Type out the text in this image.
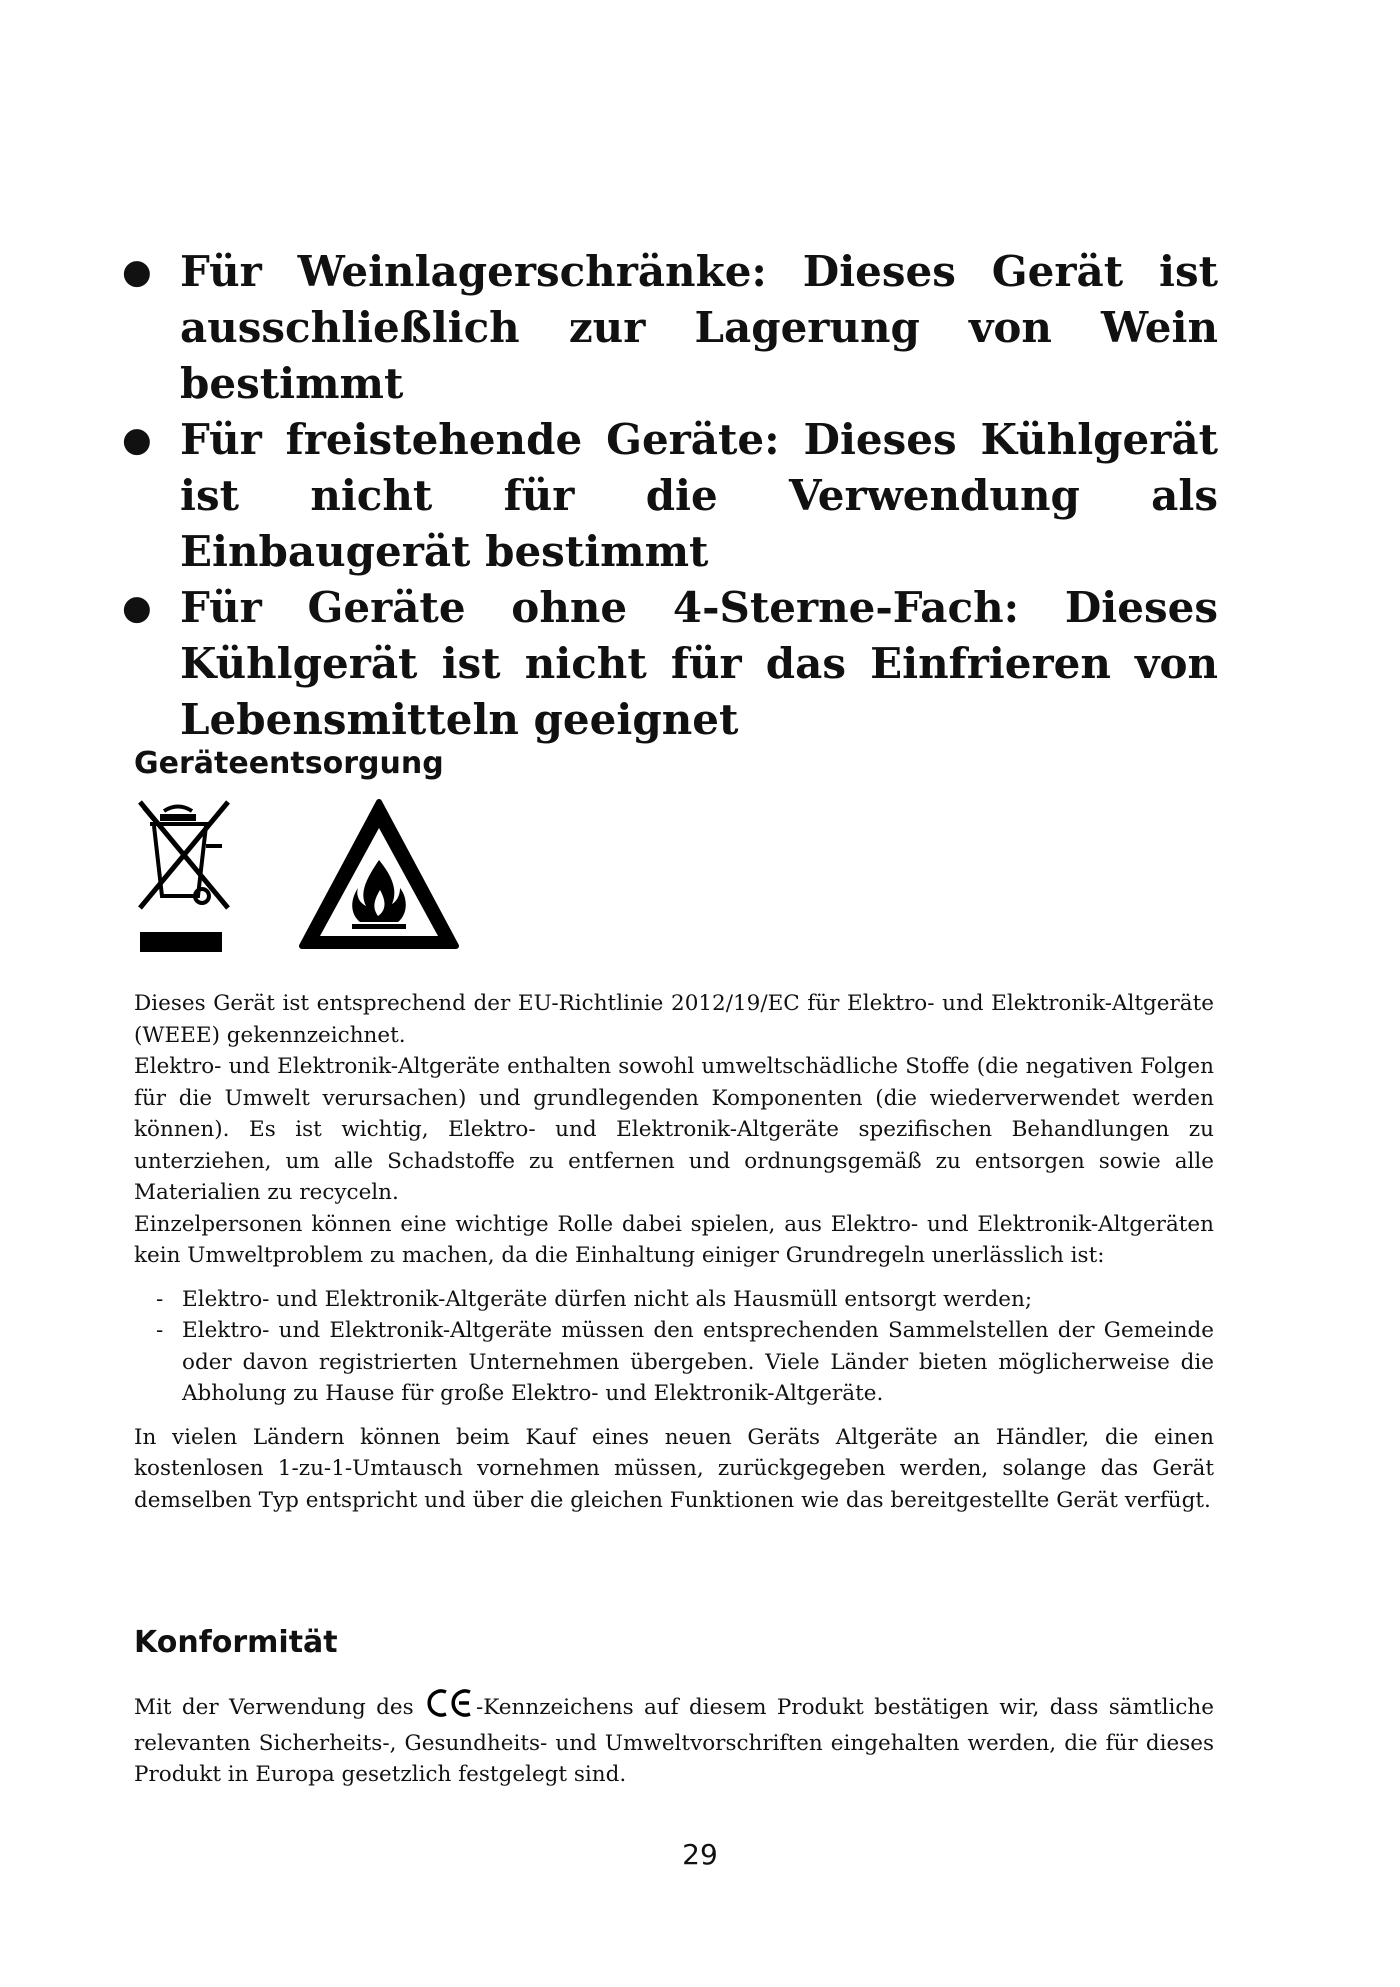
● Für Weinlagerschränke: Dieses Gerät ist ausschließlich zur Lagerung von Wein bestimmt
● Für freistehende Geräte: Dieses Kühlgerät ist nicht für die Verwendung als Einbaugerät bestimmt
● Für Geräte ohne 4-Sterne-Fach: Dieses Kühlgerät ist nicht für das Einfrieren von Lebensmitteln geeignet
Geräteentsorgung

Dieses Gerät ist entsprechend der EU-Richtlinie 2012/19/EC für Elektro- und Elektronik-Altgeräte (WEEE) gekennzeichnet.

Elektro- und Elektronik-Altgeräte enthalten sowohl umweltschädliche Stoffe (die negativen Folgen für die Umwelt verursachen) und grundlegenden Komponenten (die wiederverwendet werden können). Es ist wichtig, Elektro- und Elektronik-Altgeräte spezifischen Behandlungen zu unterziehen, um alle Schadstoffe zu entfernen und ordnungsgemäß zu entsorgen sowie alle Materialien zu recyceln.

Einzelpersonen können eine wichtige Rolle dabei spielen, aus Elektro- und Elektronik-Altgeräten kein Umweltproblem zu machen, da die Einhaltung einiger Grundregeln unerlässlich ist:

- Elektro- und Elektronik-Altgeräte dürfen nicht als Hausmüll entsorgt werden;
- Elektro- und Elektronik-Altgeräte müssen den entsprechenden Sammelstellen der Gemeinde oder davon registrierten Unternehmen übergeben. Viele Länder bieten möglicherweise die Abholung zu Hause für große Elektro- und Elektronik-Altgeräte.

In vielen Ländern können beim Kauf eines neuen Geräts Altgeräte an Händler, die einen kostenlosen 1-zu-1-Umtausch vornehmen müssen, zurückgegeben werden, solange das Gerät demselben Typ entspricht und über die gleichen Funktionen wie das bereitgestellte Gerät verfügt.

Konformität

Mit der Verwendung des	-Kennzeichens auf diesem Produkt bestätigen wir, dass sämtliche relevanten Sicherheits-, Gesundheits- und Umweltvorschriften eingehalten werden, die für dieses Produkt in Europa gesetzlich festgelegt sind.

29
